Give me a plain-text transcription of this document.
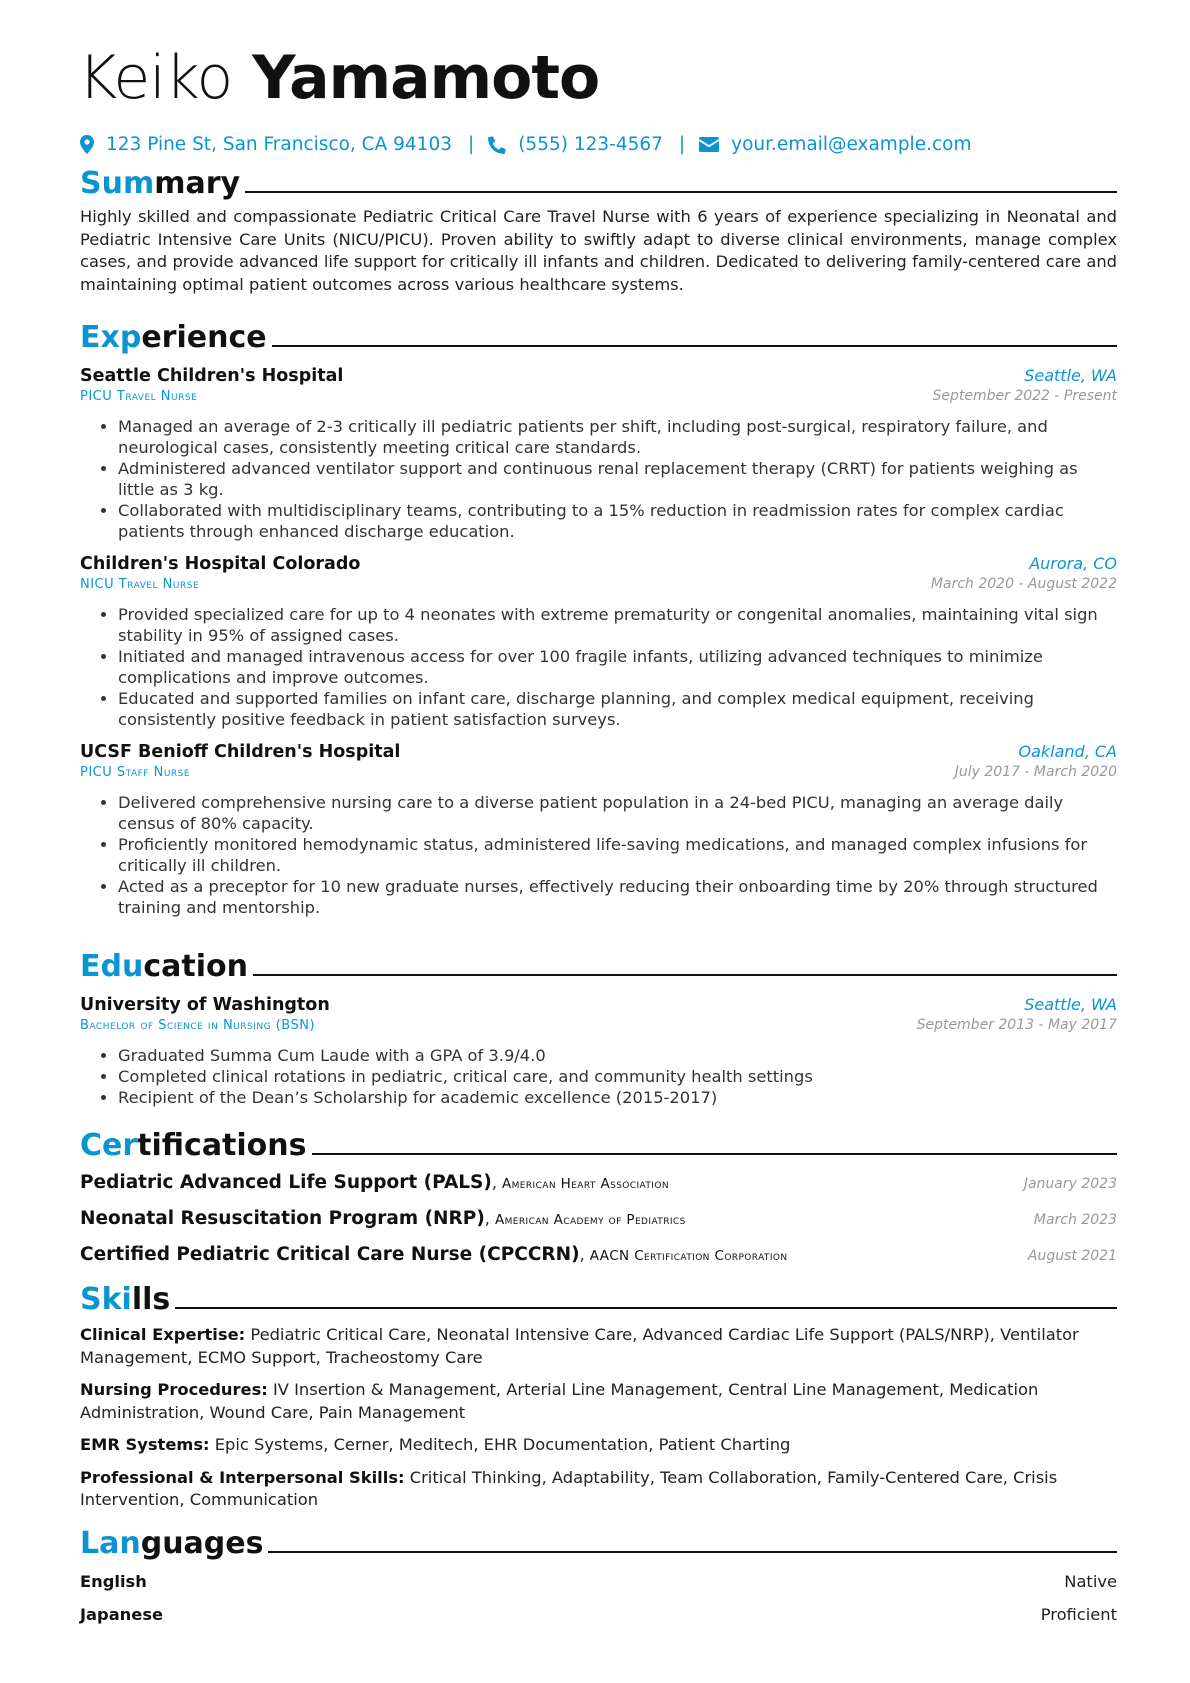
Keiko Yamamoto
123 Pine St, San Francisco, CA 94103 | (555) 123-4567 | your.email@example.com
Summary
Highly skilled and compassionate Pediatric Critical Care Travel Nurse with 6 years of experience specializing in Neonatal and Pediatric Intensive Care Units (NICU/PICU). Proven ability to swiftly adapt to diverse clinical environments, manage complex cases, and provide advanced life support for critically ill infants and children. Dedicated to delivering family-centered care and maintaining optimal patient outcomes across various healthcare systems.
Experience
Seattle Children's Hospital	Seattle, WA
PICU Travel Nurse	September 2022 - Present
• Managed an average of 2-3 critically ill pediatric patients per shift, including post-surgical, respiratory failure, and neurological cases, consistently meeting critical care standards.
• Administered advanced ventilator support and continuous renal replacement therapy (CRRT) for patients weighing as little as 3 kg.
• Collaborated with multidisciplinary teams, contributing to a 15% reduction in readmission rates for complex cardiac patients through enhanced discharge education.
Children's Hospital Colorado	Aurora, CO
NICU Travel Nurse	March 2020 - August 2022
• Provided specialized care for up to 4 neonates with extreme prematurity or congenital anomalies, maintaining vital sign stability in 95% of assigned cases.
• Initiated and managed intravenous access for over 100 fragile infants, utilizing advanced techniques to minimize complications and improve outcomes.
• Educated and supported families on infant care, discharge planning, and complex medical equipment, receiving consistently positive feedback in patient satisfaction surveys.
UCSF Benioff Children's Hospital	Oakland, CA
PICU Staff Nurse	July 2017 - March 2020
• Delivered comprehensive nursing care to a diverse patient population in a 24-bed PICU, managing an average daily census of 80% capacity.
• Proficiently monitored hemodynamic status, administered life-saving medications, and managed complex infusions for critically ill children.
• Acted as a preceptor for 10 new graduate nurses, effectively reducing their onboarding time by 20% through structured training and mentorship.
Education
University of Washington	Seattle, WA
Bachelor of Science in Nursing (BSN)	September 2013 - May 2017
• Graduated Summa Cum Laude with a GPA of 3.9/4.0
• Completed clinical rotations in pediatric, critical care, and community health settings
• Recipient of the Dean’s Scholarship for academic excellence (2015-2017)
Certifications
Pediatric Advanced Life Support (PALS), American Heart Association	January 2023
Neonatal Resuscitation Program (NRP), American Academy of Pediatrics	March 2023
Certified Pediatric Critical Care Nurse (CPCCRN), AACN Certification Corporation	August 2021
Skills
Clinical Expertise: Pediatric Critical Care, Neonatal Intensive Care, Advanced Cardiac Life Support (PALS/NRP), Ventilator Management, ECMO Support, Tracheostomy Care
Nursing Procedures: IV Insertion & Management, Arterial Line Management, Central Line Management, Medication Administration, Wound Care, Pain Management
EMR Systems: Epic Systems, Cerner, Meditech, EHR Documentation, Patient Charting
Professional & Interpersonal Skills: Critical Thinking, Adaptability, Team Collaboration, Family-Centered Care, Crisis Intervention, Communication
Languages
English	Native
Japanese	Proficient
